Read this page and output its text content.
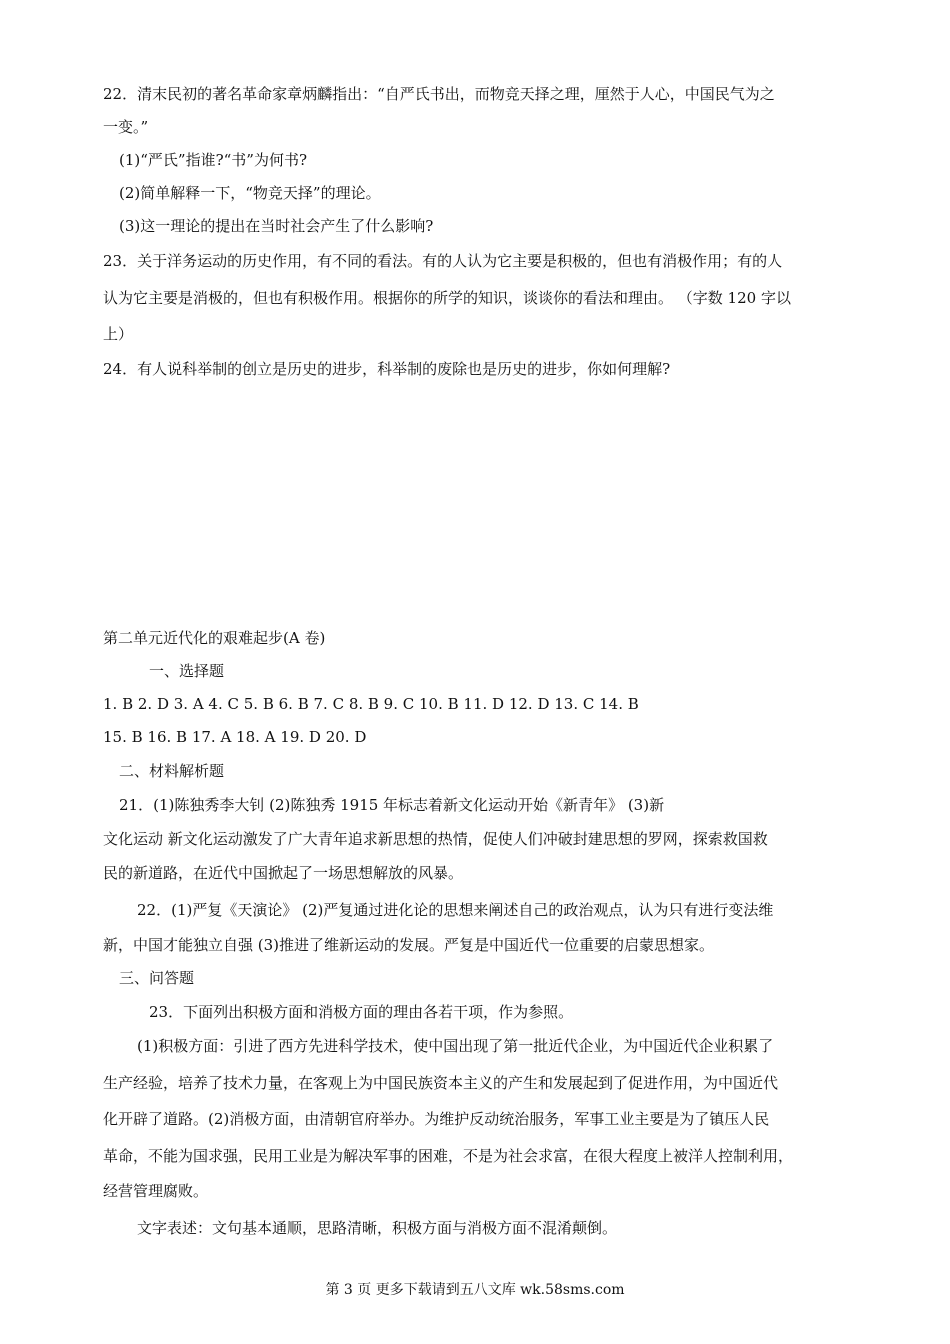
22．清末民初的著名革命家章炳麟指出：“自严氏书出，而物竞天择之理，厘然于人心，中国民气为之

一变。”

(1)“严氏”指谁?“书”为何书?

(2)简单解释一下，“物竞天择”的理论。

(3)这一理论的提出在当时社会产生了什么影响?

23．关于洋务运动的历史作用，有不同的看法。有的人认为它主要是积极的，但也有消极作用；有的人

认为它主要是消极的，但也有积极作用。根据你的所学的知识，谈谈你的看法和理由。 （字数 120 字以

上）

24．有人说科举制的创立是历史的进步，科举制的废除也是历史的进步，你如何理解?

第二单元近代化的艰难起步(A 卷)

一、选择题

1. B 2. D 3. A 4. C 5. B 6. B 7. C 8. B 9. C 10. B 11. D 12. D 13. C 14. B

15. B 16. B 17. A 18. A 19. D 20. D

二、材料解析题

21．(1)陈独秀李大钊 (2)陈独秀 1915 年标志着新文化运动开始《新青年》 (3)新

文化运动 新文化运动激发了广大青年追求新思想的热情，促使人们冲破封建思想的罗网，探索救国救

民的新道路，在近代中国掀起了一场思想解放的风暴。

22．(1)严复《天演论》 (2)严复通过进化论的思想来阐述自己的政治观点，认为只有进行变法维

新，中国才能独立自强 (3)推进了维新运动的发展。严复是中国近代一位重要的启蒙思想家。

三、问答题

23．下面列出积极方面和消极方面的理由各若干项，作为参照。

(1)积极方面：引进了西方先进科学技术，使中国出现了第一批近代企业，为中国近代企业积累了

生产经验，培养了技术力量，在客观上为中国民族资本主义的产生和发展起到了促进作用，为中国近代

化开辟了道路。(2)消极方面，由清朝官府举办。为维护反动统治服务，军事工业主要是为了镇压人民

革命，不能为国求强，民用工业是为解决军事的困难，不是为社会求富，在很大程度上被洋人控制利用，

经营管理腐败。

文字表述：文句基本通顺，思路清晰，积极方面与消极方面不混淆颠倒。

第 3 页 更多下载请到五八文库 wk.58sms.com
